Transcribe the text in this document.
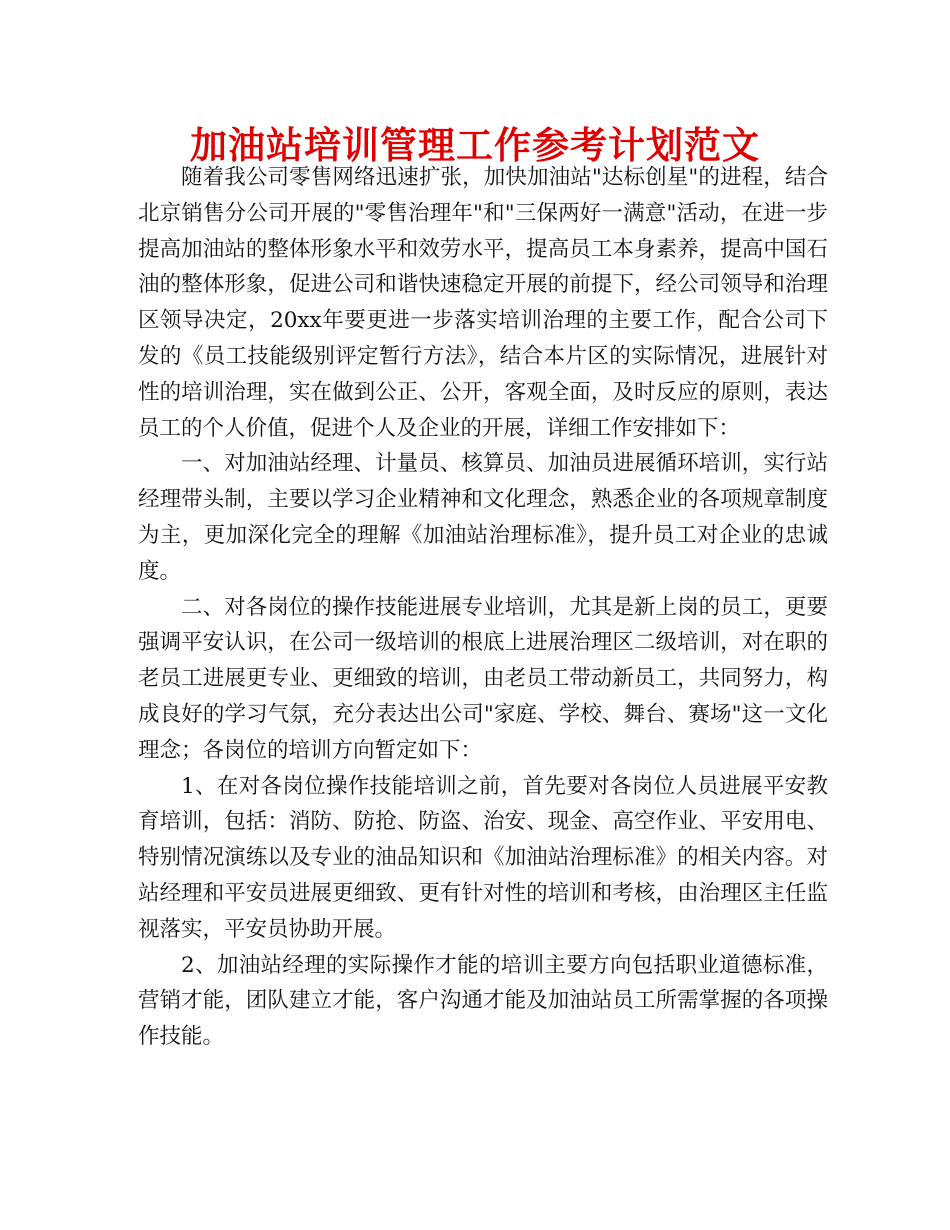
加油站培训管理工作参考计划范文

随着我公司零售网络迅速扩张，加快加油站"达标创星"的进程，结合北京销售分公司开展的"零售治理年"和"三保两好一满意"活动，在进一步提高加油站的整体形象水平和效劳水平，提高员工本身素养，提高中国石油的整体形象，促进公司和谐快速稳定开展的前提下，经公司领导和治理区领导决定，20xx年要更进一步落实培训治理的主要工作，配合公司下发的《员工技能级别评定暂行方法》，结合本片区的实际情况，进展针对性的培训治理，实在做到公正、公开，客观全面，及时反应的原则，表达员工的个人价值，促进个人及企业的开展，详细工作安排如下：

一、对加油站经理、计量员、核算员、加油员进展循环培训，实行站经理带头制，主要以学习企业精神和文化理念，熟悉企业的各项规章制度为主，更加深化完全的理解《加油站治理标准》，提升员工对企业的忠诚度。

二、对各岗位的操作技能进展专业培训，尤其是新上岗的员工，更要强调平安认识，在公司一级培训的根底上进展治理区二级培训，对在职的老员工进展更专业、更细致的培训，由老员工带动新员工，共同努力，构成良好的学习气氛，充分表达出公司"家庭、学校、舞台、赛场"这一文化理念；各岗位的培训方向暂定如下：

1、在对各岗位操作技能培训之前，首先要对各岗位人员进展平安教育培训，包括：消防、防抢、防盗、治安、现金、高空作业、平安用电、特别情况演练以及专业的油品知识和《加油站治理标准》的相关内容。对站经理和平安员进展更细致、更有针对性的培训和考核，由治理区主任监视落实，平安员协助开展。

2、加油站经理的实际操作才能的培训主要方向包括职业道德标准，营销才能，团队建立才能，客户沟通才能及加油站员工所需掌握的各项操作技能。
